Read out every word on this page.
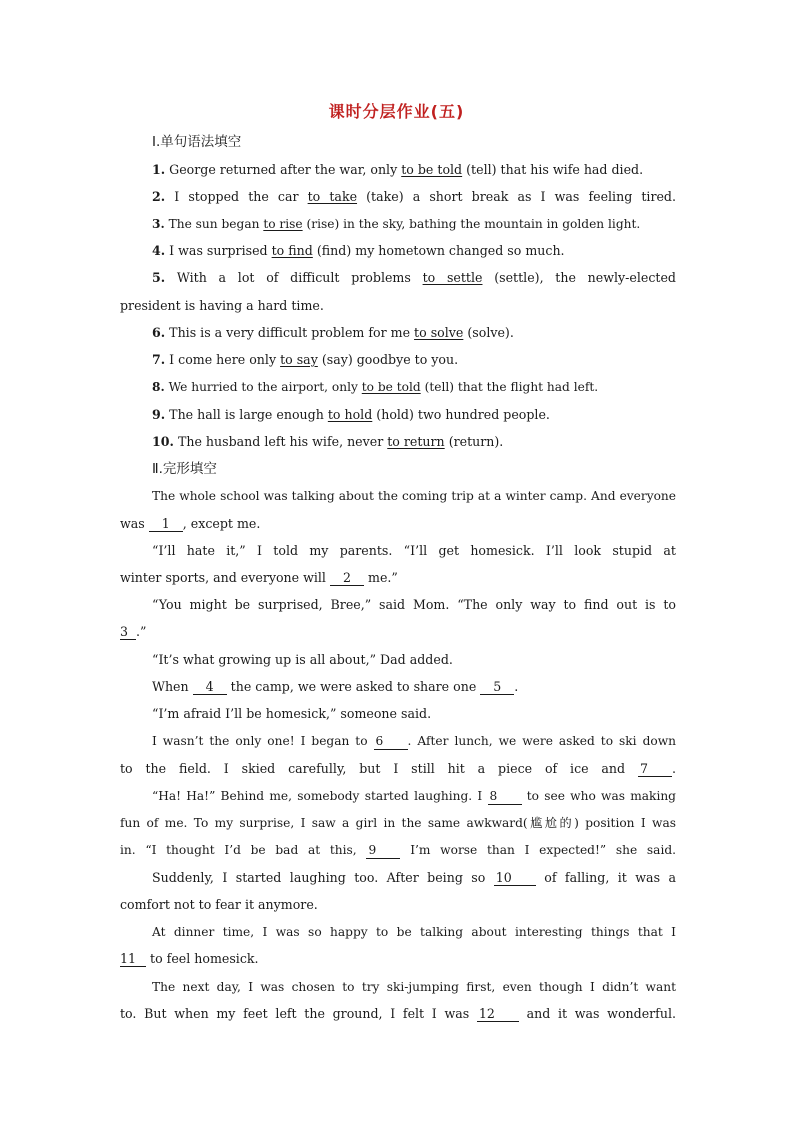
课时分层作业(五)
Ⅰ.单句语法填空
1. George returned after the war, only to be told (tell) that his wife had died.
2. I stopped the car to take (take) a short break as I was feeling tired.
3. The sun began to rise (rise) in the sky, bathing the mountain in golden light.
4. I was surprised to find (find) my hometown changed so much.
5. With a lot of difficult problems to settle (settle), the newly-elected
president is having a hard time.
6. This is a very difficult problem for me to solve (solve).
7. I come here only to say (say) goodbye to you.
8. We hurried to the airport, only to be told (tell) that the flight had left.
9. The hall is large enough to hold (hold) two hundred people.
10. The husband left his wife, never to return (return).
Ⅱ.完形填空
The whole school was talking about the coming trip at a winter camp. And everyone
was 1 , except me.
“I’ll hate it,” I told my parents. “I’ll get homesick. I’ll look stupid at
winter sports, and everyone will 2 me.”
“You might be surprised, Bree,” said Mom. “The only way to find out is to
3 .”
“It’s what growing up is all about,” Dad added.
When 4 the camp, we were asked to share one 5 .
“I’m afraid I’ll be homesick,” someone said.
I wasn’t the only one! I began to 6 . After lunch, we were asked to ski down
to the field. I skied carefully, but I still hit a piece of ice and 7 .
“Ha! Ha!” Behind me, somebody started laughing. I 8 to see who was making
fun of me. To my surprise, I saw a girl in the same awkward(尴尬的) position I was
in. “I thought I’d be bad at this, 9	I’m worse than I expected!” she said.
Suddenly, I started laughing too. After being so 10	of falling, it was a
comfort not to fear it anymore.
At dinner time, I was so happy to be talking about interesting things that I
11 to feel homesick.
The next day, I was chosen to try ski-jumping first, even though I didn’t want
to. But when my feet left the ground, I felt I was 12	and it was wonderful.
